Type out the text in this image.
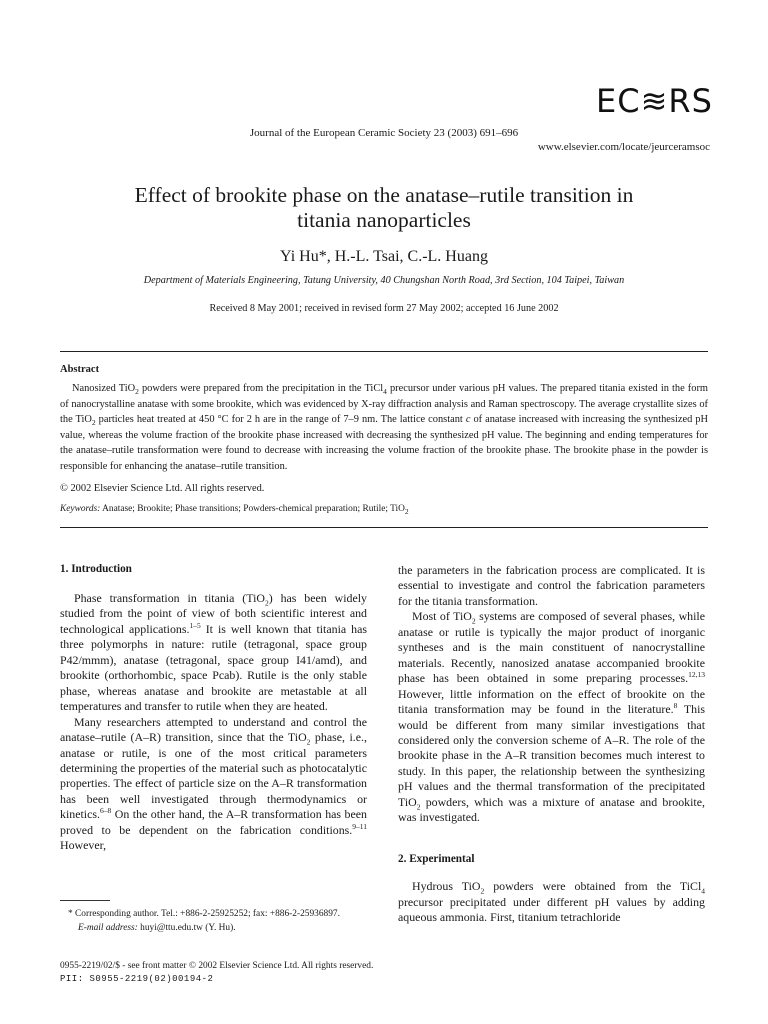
EC≋RS
Journal of the European Ceramic Society 23 (2003) 691–696
www.elsevier.com/locate/jeurceramsoc
Effect of brookite phase on the anatase–rutile transition in
titania nanoparticles
Yi Hu*, H.-L. Tsai, C.-L. Huang
Department of Materials Engineering, Tatung University, 40 Chungshan North Road, 3rd Section, 104 Taipei, Taiwan
Received 8 May 2001; received in revised form 27 May 2002; accepted 16 June 2002
Abstract
Nanosized TiO$_2$ powders were prepared from the precipitation in the TiCl$_4$ precursor under various pH values. The prepared titania existed in the form of nanocrystalline anatase with some brookite, which was evidenced by X-ray diffraction analysis and Raman spectroscopy. The average crystallite sizes of the TiO$_2$ particles heat treated at 450 °C for 2 h are in the range of 7–9 nm. The lattice constant c of anatase increased with increasing the synthesized pH value, whereas the volume fraction of the brookite phase increased with decreasing the synthesized pH value. The beginning and ending temperatures for the anatase–rutile transformation were found to decrease with increasing the volume fraction of the brookite phase. The brookite phase in the powder is responsible for enhancing the anatase–rutile transition.
© 2002 Elsevier Science Ltd. All rights reserved.
Keywords: Anatase; Brookite; Phase transitions; Powders-chemical preparation; Rutile; TiO$_2$
1. Introduction

Phase transformation in titania (TiO$_2$) has been widely studied from the point of view of both scientific interest and technological applications.$^{1-5}$ It is well known that titania has three polymorphs in nature: rutile (tetragonal, space group P42/mmm), anatase (tetragonal, space group I41/amd), and brookite (orthorhombic, space Pcab). Rutile is the only stable phase, whereas anatase and brookite are metastable at all temperatures and transfer to rutile when they are heated.

Many researchers attempted to understand and control the anatase–rutile (A–R) transition, since that the TiO$_2$ phase, i.e., anatase or rutile, is one of the most critical parameters determining the properties of the material such as photocatalytic properties. The effect of particle size on the A–R transformation has been well investigated through thermodynamics or kinetics.$^{6-8}$ On the other hand, the A–R transformation has been proved to be dependent on the fabrication conditions.$^{9-11}$ However,

the parameters in the fabrication process are complicated. It is essential to investigate and control the fabrication parameters for the titania transformation.

Most of TiO$_2$ systems are composed of several phases, while anatase or rutile is typically the major product of inorganic syntheses and is the main constituent of nanocrystalline materials. Recently, nanosized anatase accompanied brookite phase has been obtained in some preparing processes.$^{12,13}$ However, little information on the effect of brookite on the titania transformation may be found in the literature.$^8$ This would be different from many similar investigations that considered only the conversion scheme of A–R. The role of the brookite phase in the A–R transition becomes much interest to study. In this paper, the relationship between the synthesizing pH values and the thermal transformation of the precipitated TiO$_2$ powders, which was a mixture of anatase and brookite, was investigated.

2. Experimental

Hydrous TiO$_2$ powders were obtained from the TiCl$_4$ precursor precipitated under different pH values by adding aqueous ammonia. First, titanium tetrachloride

* Corresponding author. Tel.: +886-2-25925252; fax: +886-2-25936897.
E-mail address: huyi@ttu.edu.tw (Y. Hu).
0955-2219/02/$ - see front matter © 2002 Elsevier Science Ltd. All rights reserved.
PII: S0955-2219(02)00194-2
